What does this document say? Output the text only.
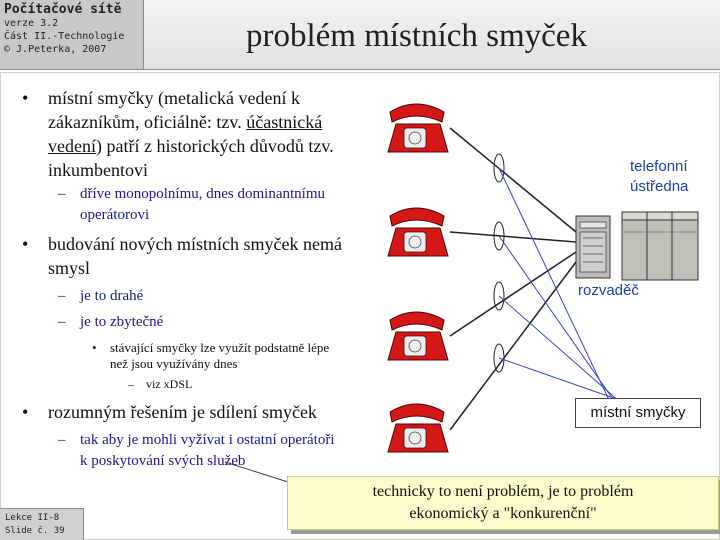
Počítačové sítě
verze 3.2
Část II.-Technologie
© J.Peterka, 2007	problém místních smyček
• místní smyčky (metalická vedení k
zákazníkům, oficiálně: tzv. účastnická
vedení) patří z historických důvodů tzv.
inkumbentovi
– dříve monopolnímu, dnes dominantnímu
operátorovi
• budování nových místních smyček nemá
smysl
– je to drahé
– je to zbytečné
• stávající smyčky lze využít podstatně lépe
než jsou využívány dnes
– viz xDSL
• rozumným řešením je sdílení smyček
– tak aby je mohli vyžívat i ostatní operátoři
k poskytování svých služeb
telefonní
ústředna
rozvaděč
místní smyčky
technicky to není problém, je to problém
ekonomický a "konkurenční"
Lekce II-8
Slide č. 39
